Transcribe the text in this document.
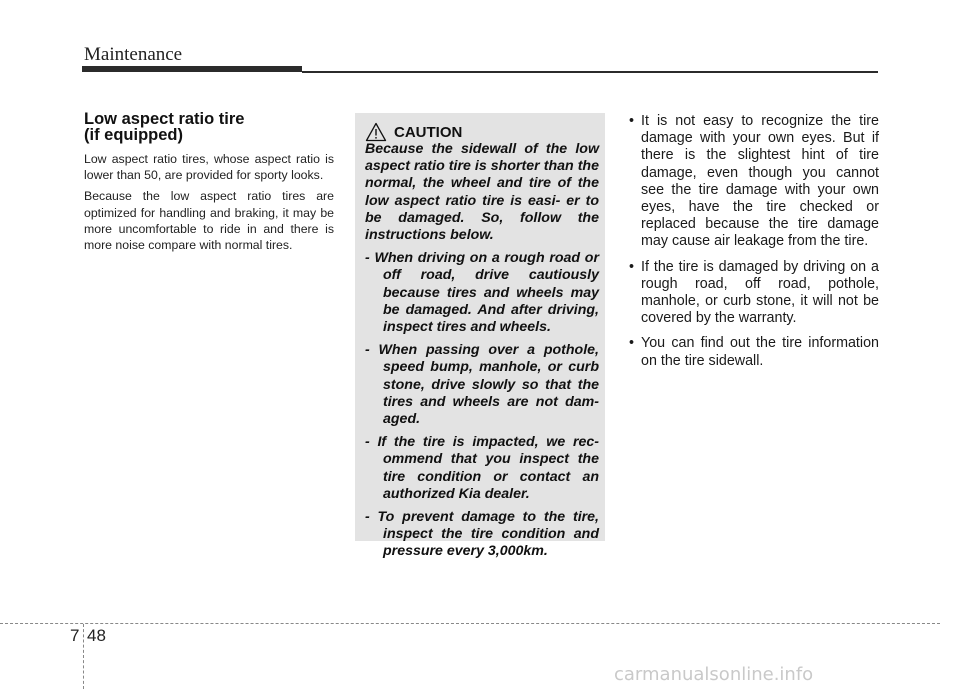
Maintenance
Low aspect ratio tire
(if equipped)

Low aspect ratio tires, whose aspect ratio is lower than 50, are provided for sporty looks.

Because the low aspect ratio tires are optimized for handling and braking, it may be more uncomfortable to ride in and there is more noise compare with normal tires.

CAUTION

Because the sidewall of the low aspect ratio tire is shorter than the normal, the wheel and tire of the low aspect ratio tire is easi- er to be damaged. So, follow the instructions below.

- When driving on a rough road or off road, drive cautiously because tires and wheels may be damaged. And after driving, inspect tires and wheels.

- When passing over a pothole, speed bump, manhole, or curb stone, drive slowly so that the tires and wheels are not dam- aged.

- If the tire is impacted, we rec- ommend that you inspect the tire condition or contact an authorized Kia dealer.

- To prevent damage to the tire, inspect the tire condition and pressure every 3,000km.

• It is not easy to recognize the tire damage with your own eyes. But if there is the slightest hint of tire damage, even though you cannot see the tire damage with your own eyes, have the tire checked or replaced because the tire damage may cause air leakage from the tire.
• If the tire is damaged by driving on a rough road, off road, pothole, manhole, or curb stone, it will not be covered by the warranty.
• You can find out the tire information on the tire sidewall.
7 48
carmanualsonline.info
